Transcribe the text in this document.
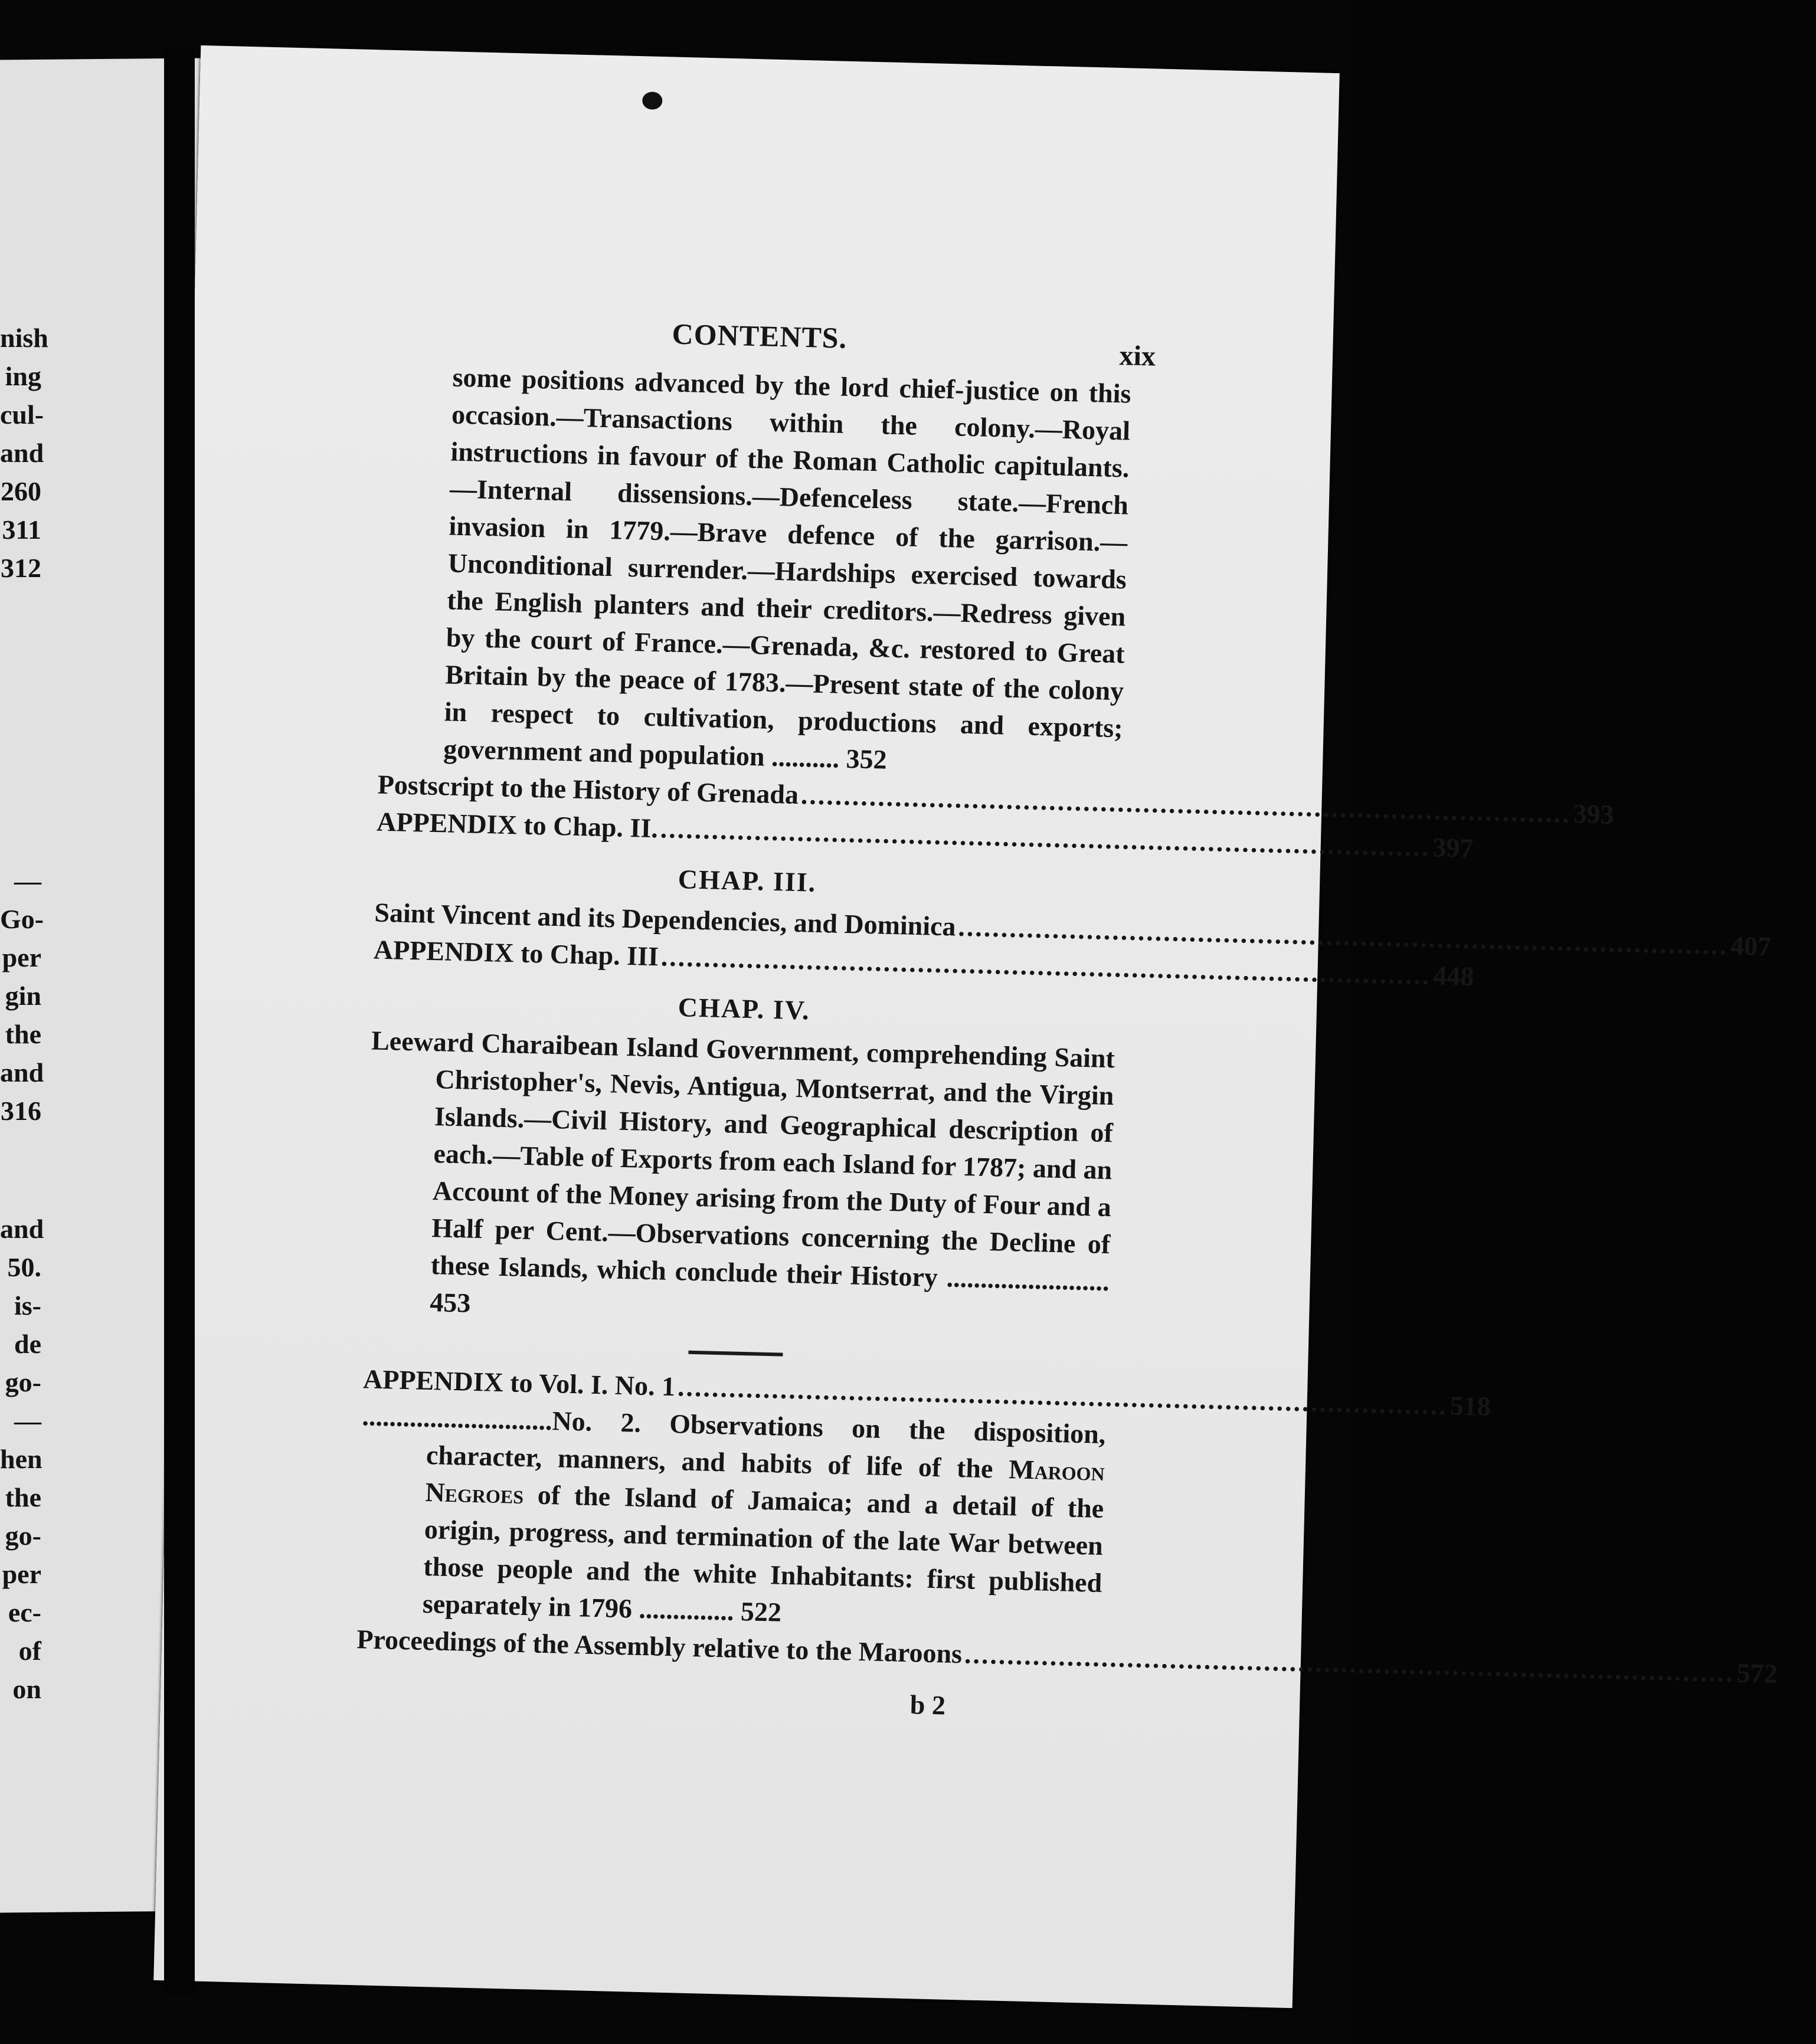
CONTENTS.
xix
some positions advanced by the lord chief-justice on this occasion.—Transactions within the colony.—Royal instructions in favour of the Roman Catholic capitulants.—Internal dissensions.—Defenceless state.—French invasion in 1779.—Brave defence of the garrison.—Unconditional surrender.—Hardships exercised towards the English planters and their creditors.—Redress given by the court of France.—Grenada, &c. restored to Great Britain by the peace of 1783.—Present state of the colony in respect to cultivation, productions and exports; government and population .......... 352
Postscript to the History of Grenada .......................................................................................... 393
APPENDIX to Chap. II. .......................................................................................... 397
CHAP. III.
Saint Vincent and its Dependencies, and Dominica .......................................................................................... 407
APPENDIX to Chap. III .......................................................................................... 448
CHAP. IV.
Leeward Charaibean Island Government, comprehending Saint Christopher's, Nevis, Antigua, Montserrat, and the Virgin Islands.—Civil History, and Geographical description of each.—Table of Exports from each Island for 1787; and an Account of the Money arising from the Duty of Four and a Half per Cent.—Observations concerning the Decline of these Islands, which conclude their History ........................ 453
APPENDIX to Vol. I. No. 1 .......................................................................................... 518
............................No. 2. Observations on the disposition, character, manners, and habits of life of the Maroon Negroes of the Island of Jamaica; and a detail of the origin, progress, and termination of the late War between those people and the white Inhabitants: first published separately in 1796 .............. 522
Proceedings of the Assembly relative to the Maroons .......................................................................................... 572
b 2
nish
ing
cul-
and
260
311
312
—
Go-
per
gin
the
and
316
and
50.
is-
de
go-
—
hen
the
go-
per
ec-
of
on
